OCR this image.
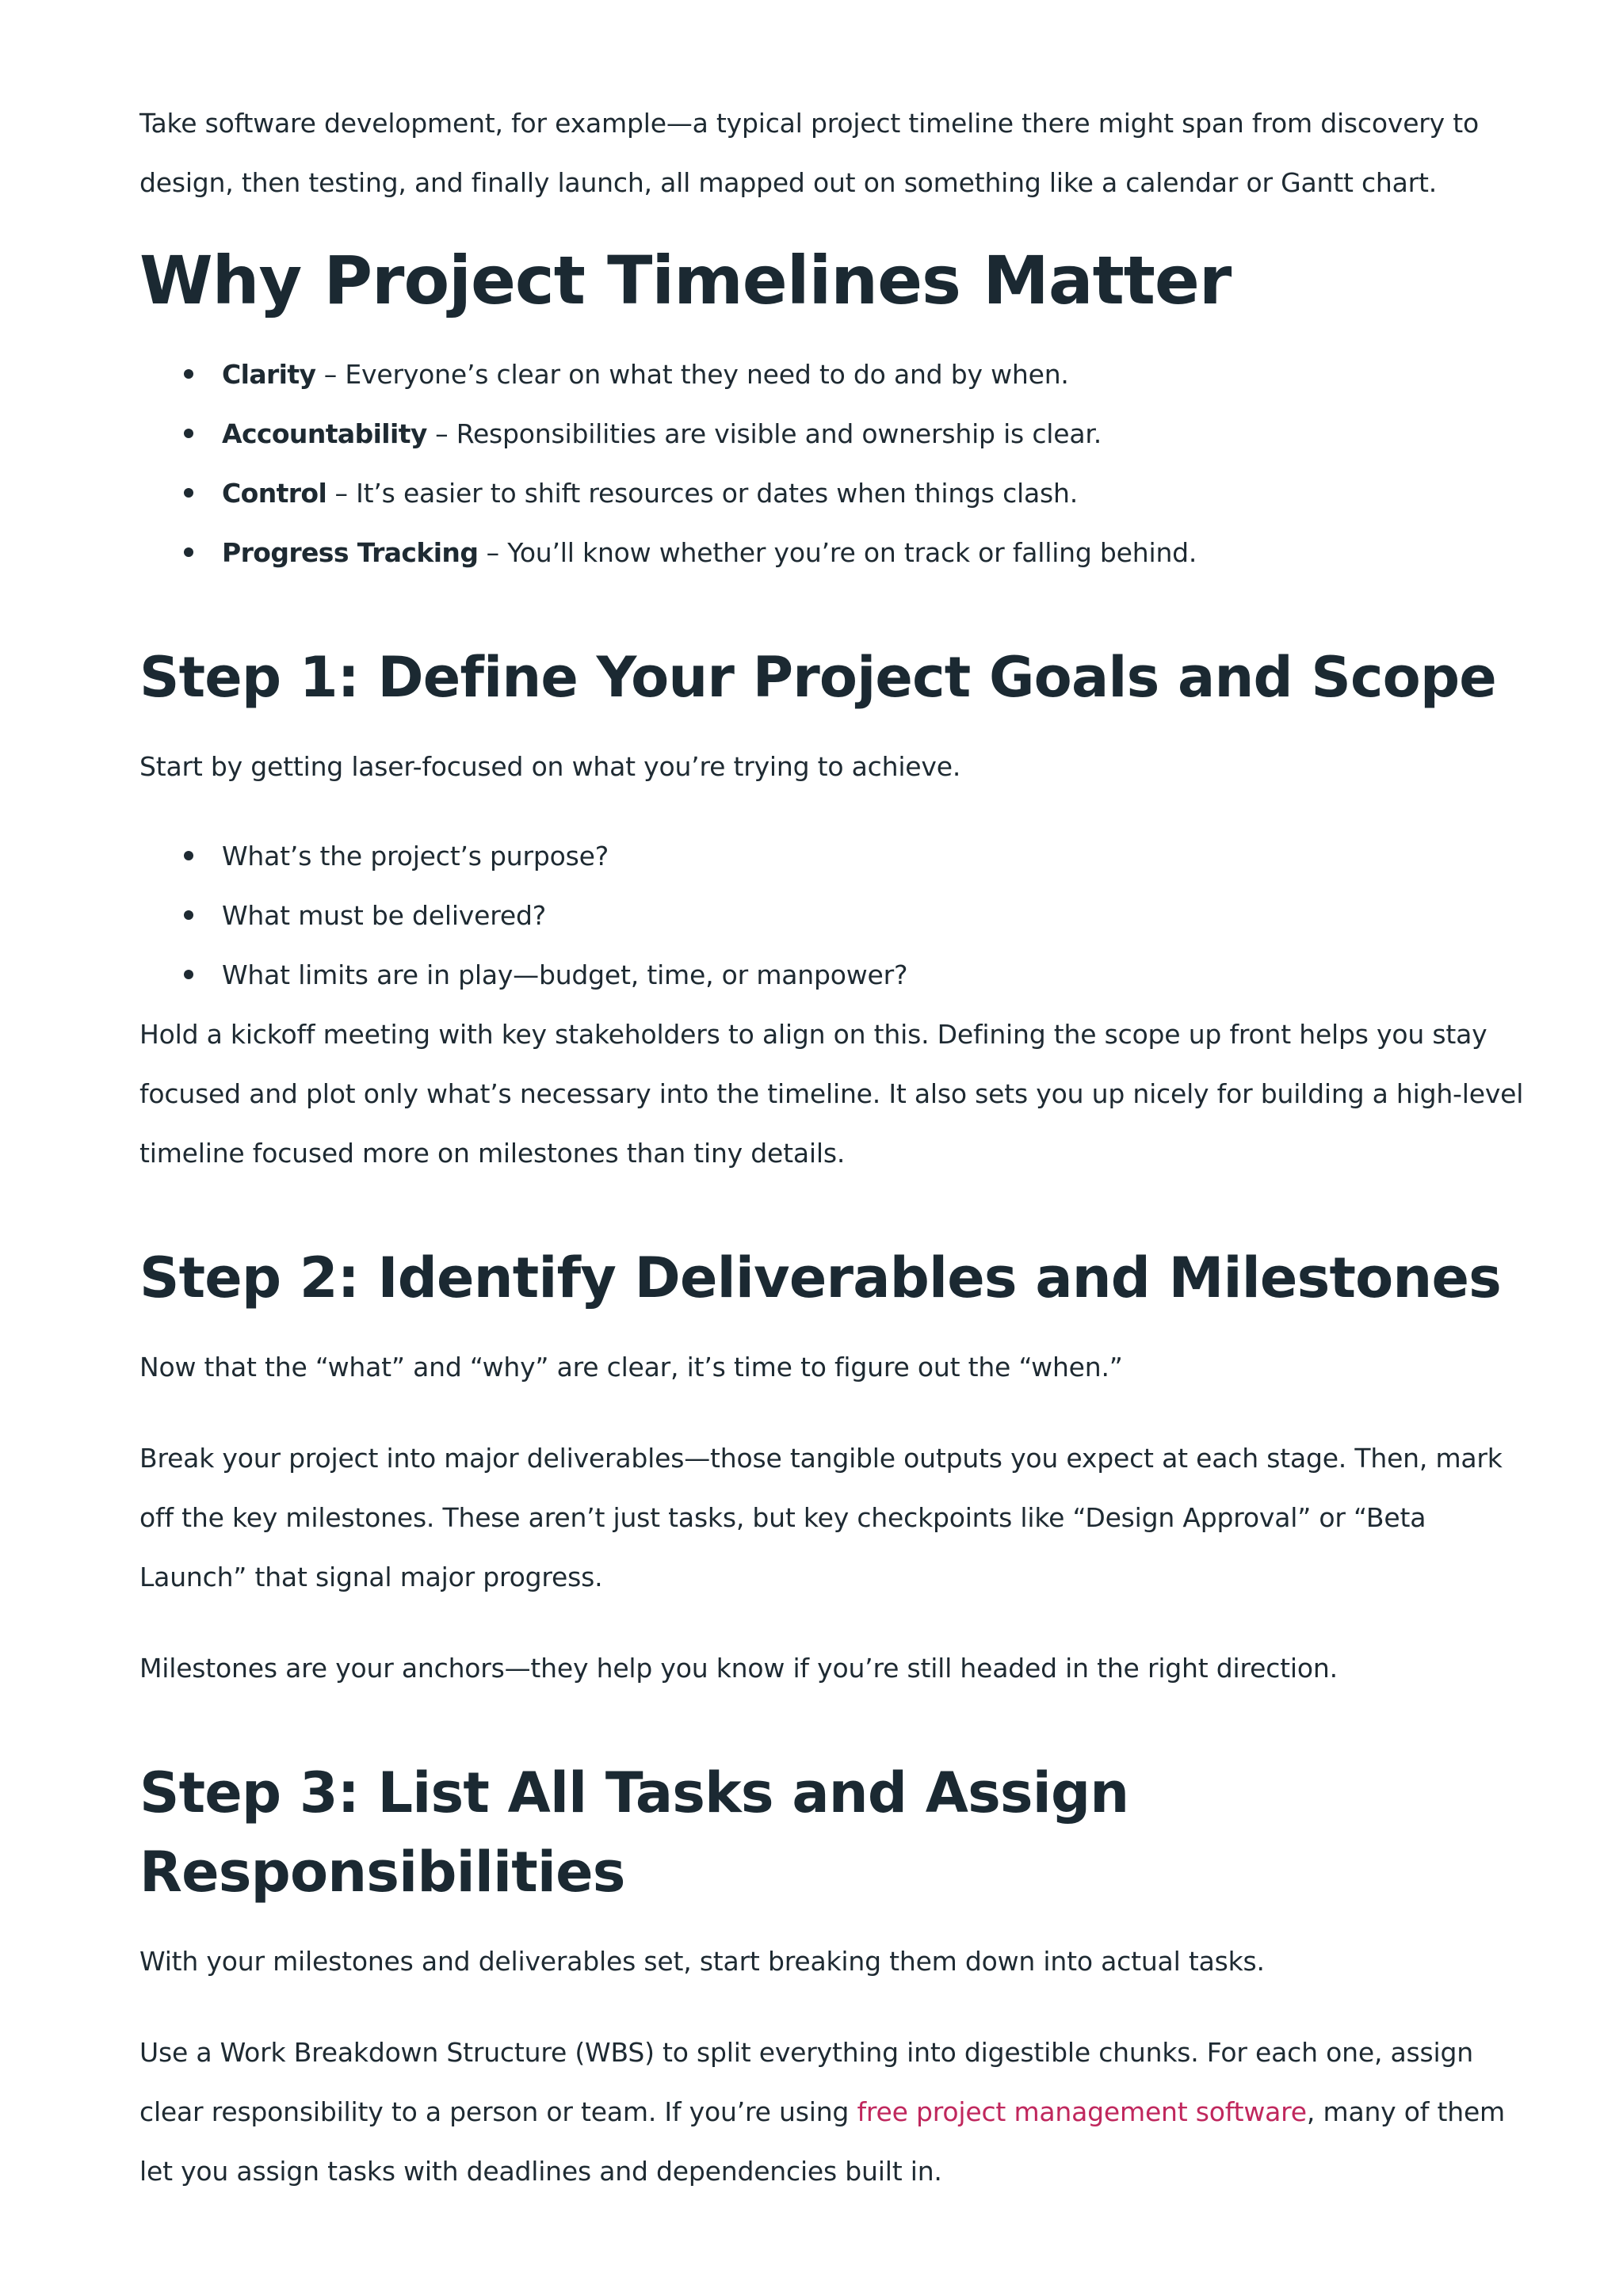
Take software development, for example—a typical project timeline there might span from discovery to design, then testing, and finally launch, all mapped out on something like a calendar or Gantt chart.

Why Project Timelines Matter
Clarity – Everyone’s clear on what they need to do and by when.
Accountability – Responsibilities are visible and ownership is clear.
Control – It’s easier to shift resources or dates when things clash.
Progress Tracking – You’ll know whether you’re on track or falling behind.
Step 1: Define Your Project Goals and Scope

Start by getting laser-focused on what you’re trying to achieve.

What’s the project’s purpose?
What must be delivered?
What limits are in play—budget, time, or manpower?

Hold a kickoff meeting with key stakeholders to align on this. Defining the scope up front helps you stay focused and plot only what’s necessary into the timeline. It also sets you up nicely for building a high-level timeline focused more on milestones than tiny details.

Step 2: Identify Deliverables and Milestones

Now that the “what” and “why” are clear, it’s time to figure out the “when.”

Break your project into major deliverables—those tangible outputs you expect at each stage. Then, mark off the key milestones. These aren’t just tasks, but key checkpoints like “Design Approval” or “Beta Launch” that signal major progress.

Milestones are your anchors—they help you know if you’re still headed in the right direction.

Step 3: List All Tasks and Assign Responsibilities

With your milestones and deliverables set, start breaking them down into actual tasks.

Use a Work Breakdown Structure (WBS) to split everything into digestible chunks. For each one, assign clear responsibility to a person or team. If you’re using free project management software, many of them let you assign tasks with deadlines and dependencies built in.
